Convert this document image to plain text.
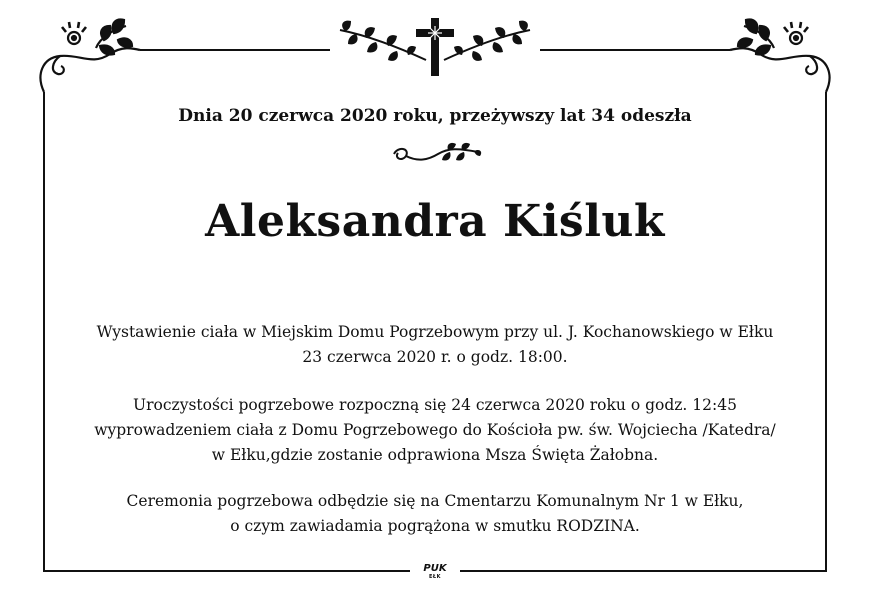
Dnia 20 czerwca 2020 roku, przeżywszy lat 34 odeszła
Aleksandra Kiśluk
Wystawienie ciała w Miejskim Domu Pogrzebowym przy ul. J. Kochanowskiego w Ełku
23 czerwca 2020 r. o godz. 18:00.
Uroczystości pogrzebowe rozpoczną się 24 czerwca 2020 roku o godz. 12:45
wyprowadzeniem ciała z Domu Pogrzebowego do Kościoła pw. św. Wojciecha /Katedra/
w Ełku,gdzie zostanie odprawiona Msza Święta Żałobna.
Ceremonia pogrzebowa odbędzie się na Cmentarzu Komunalnym Nr 1 w Ełku,
o czym zawiadamia pogrążona w smutku RODZINA.
PUK
EŁK
